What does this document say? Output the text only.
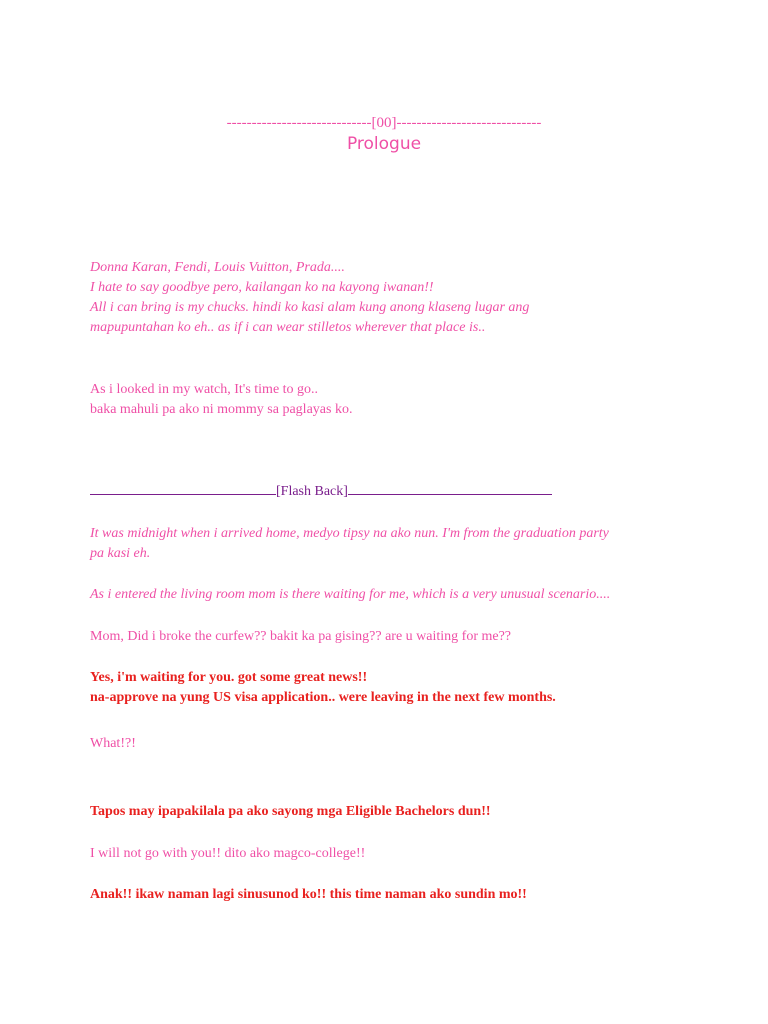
-----------------------------[00]-----------------------------
Prologue
Donna Karan, Fendi, Louis Vuitton, Prada....
I hate to say goodbye pero, kailangan ko na kayong iwanan!!
All i can bring is my chucks. hindi ko kasi alam kung anong klaseng lugar ang
mapupuntahan ko eh.. as if i can wear stilletos wherever that place is..
As i looked in my watch, It's time to go..
baka mahuli pa ako ni mommy sa paglayas ko.
[Flash Back]
It was midnight when i arrived home, medyo tipsy na ako nun. I'm from the graduation party
pa kasi eh.
As i entered the living room mom is there waiting for me, which is a very unusual scenario....
Mom, Did i broke the curfew?? bakit ka pa gising?? are u waiting for me??
Yes, i'm waiting for you. got some great news!!
na-approve na yung US visa application.. were leaving in the next few months.
What!?!
Tapos may ipapakilala pa ako sayong mga Eligible Bachelors dun!!
I will not go with you!! dito ako magco-college!!
Anak!! ikaw naman lagi sinusunod ko!! this time naman ako sundin mo!!
